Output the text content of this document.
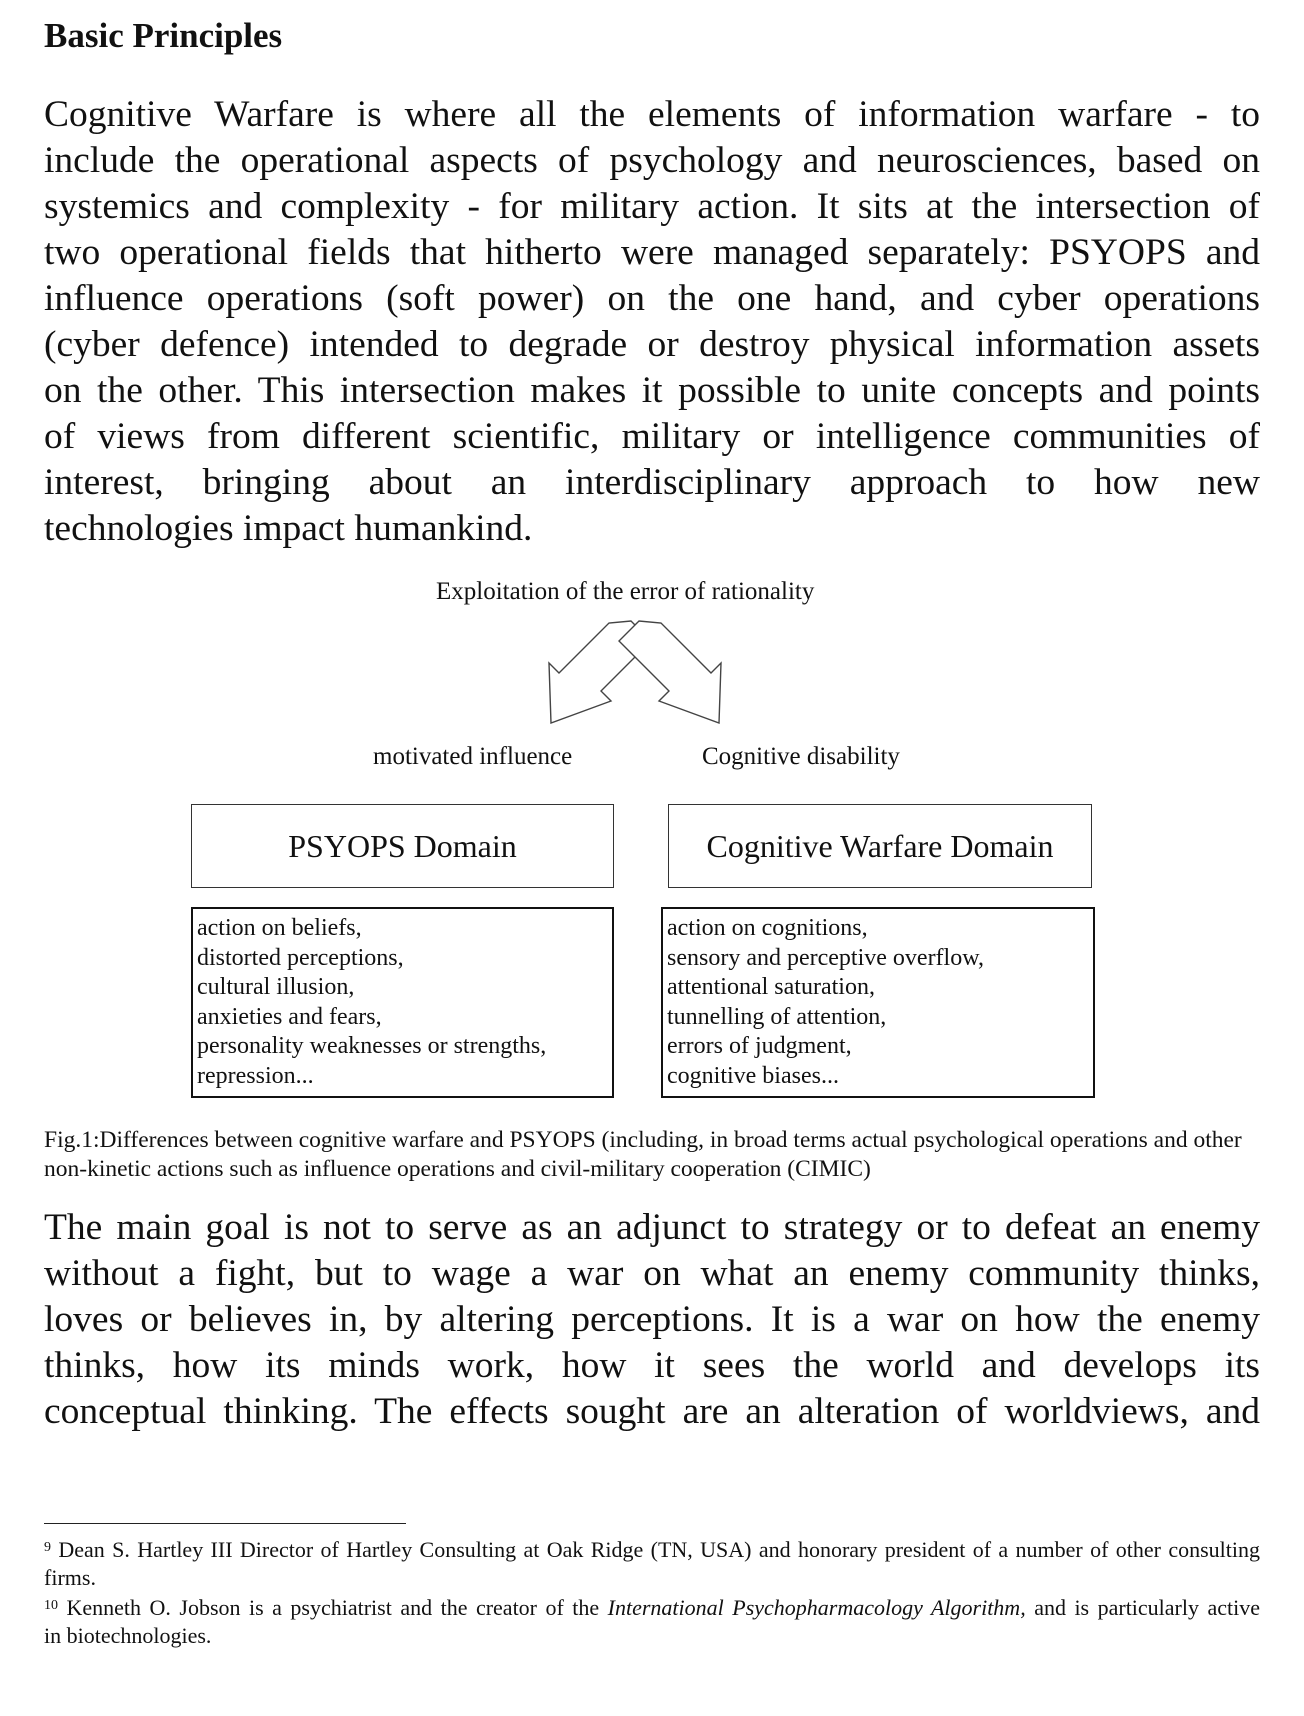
Basic Principles

Cognitive Warfare is where all the elements of information warfare - to
include the operational aspects of psychology and neurosciences, based on
systemics and complexity - for military action. It sits at the intersection of
two operational fields that hitherto were managed separately: PSYOPS and
influence operations (soft power) on the one hand, and cyber operations
(cyber defence) intended to degrade or destroy physical information assets
on the other. This intersection makes it possible to unite concepts and points
of views from different scientific, military or intelligence communities of
interest, bringing about an interdisciplinary approach to how new
technologies impact humankind.

Exploitation of the error of rationality
motivated influence	Cognitive disability
PSYOPS Domain	Cognitive Warfare Domain
action on beliefs,
distorted perceptions,
cultural illusion,
anxieties and fears,
personality weaknesses or strengths,
repression...
action on cognitions,
sensory and perceptive overflow,
attentional saturation,
tunnelling of attention,
errors of judgment,
cognitive biases...

Fig.1:Differences between cognitive warfare and PSYOPS (including, in broad terms actual psychological operations and other non-kinetic actions such as influence operations and civil-military cooperation (CIMIC)

The main goal is not to serve as an adjunct to strategy or to defeat an enemy
without a fight, but to wage a war on what an enemy community thinks,
loves or believes in, by altering perceptions. It is a war on how the enemy
thinks, how its minds work, how it sees the world and develops its
conceptual thinking. The effects sought are an alteration of worldviews, and

$^9$ Dean S. Hartley III Director of Hartley Consulting at Oak Ridge (TN, USA) and honorary president of a number of other consulting
firms.

$^{10}$ Kenneth O. Jobson is a psychiatrist and the creator of the International Psychopharmacology Algorithm, and is particularly active
in biotechnologies.
